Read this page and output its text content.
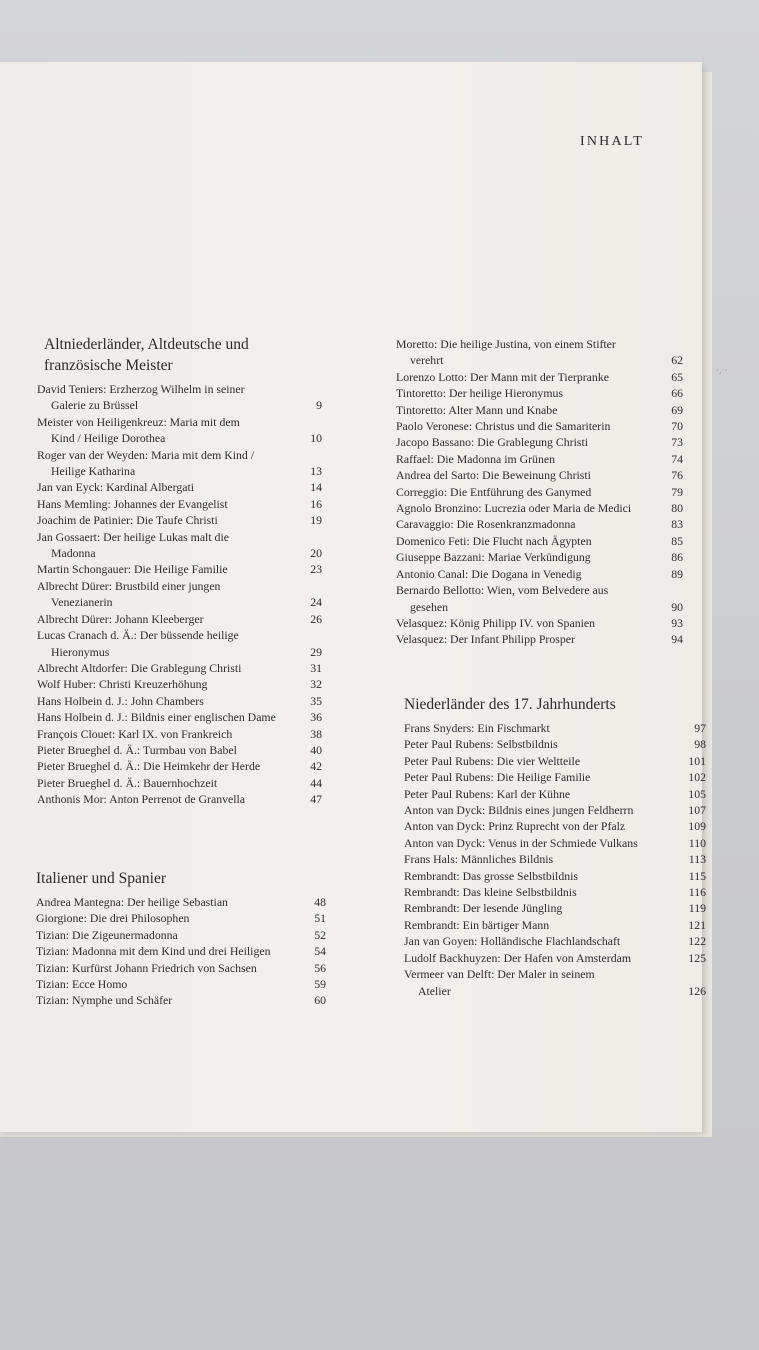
INHALT
Altniederländer, Altdeutsche und französische Meister
David Teniers: Erzherzog Wilhelm in seiner
Galerie zu Brüssel	9
Meister von Heiligenkreuz: Maria mit dem
Kind / Heilige Dorothea	10
Roger van der Weyden: Maria mit dem Kind /
Heilige Katharina	13
Jan van Eyck: Kardinal Albergati	14
Hans Memling: Johannes der Evangelist	16
Joachim de Patinier: Die Taufe Christi	19
Jan Gossaert: Der heilige Lukas malt die
Madonna	20
Martin Schongauer: Die Heilige Familie	23
Albrecht Dürer: Brustbild einer jungen
Venezianerin	24
Albrecht Dürer: Johann Kleeberger	26
Lucas Cranach d. Ä.: Der büssende heilige
Hieronymus	29
Albrecht Altdorfer: Die Grablegung Christi	31
Wolf Huber: Christi Kreuzerhöhung	32
Hans Holbein d. J.: John Chambers	35
Hans Holbein d. J.: Bildnis einer englischen Dame	36
François Clouet: Karl IX. von Frankreich	38
Pieter Brueghel d. Ä.: Turmbau von Babel	40
Pieter Brueghel d. Ä.: Die Heimkehr der Herde	42
Pieter Brueghel d. Ä.: Bauernhochzeit	44
Anthonis Mor: Anton Perrenot de Granvella	47
Italiener und Spanier
Andrea Mantegna: Der heilige Sebastian	48
Giorgione: Die drei Philosophen	51
Tizian: Die Zigeunermadonna	52
Tizian: Madonna mit dem Kind und drei Heiligen	54
Tizian: Kurfürst Johann Friedrich von Sachsen	56
Tizian: Ecce Homo	59
Tizian: Nymphe und Schäfer	60
Moretto: Die heilige Justina, von einem Stifter
verehrt	62
Lorenzo Lotto: Der Mann mit der Tierpranke	65
Tintoretto: Der heilige Hieronymus	66
Tintoretto: Alter Mann und Knabe	69
Paolo Veronese: Christus und die Samariterin	70
Jacopo Bassano: Die Grablegung Christi	73
Raffael: Die Madonna im Grünen	74
Andrea del Sarto: Die Beweinung Christi	76
Correggio: Die Entführung des Ganymed	79
Agnolo Bronzino: Lucrezia oder Maria de Medici	80
Caravaggio: Die Rosenkranzmadonna	83
Domenico Feti: Die Flucht nach Ägypten	85
Giuseppe Bazzani: Mariae Verkündigung	86
Antonio Canal: Die Dogana in Venedig	89
Bernardo Bellotto: Wien, vom Belvedere aus
gesehen	90
Velasquez: König Philipp IV. von Spanien	93
Velasquez: Der Infant Philipp Prosper	94
Niederländer des 17. Jahrhunderts
Frans Snyders: Ein Fischmarkt	97
Peter Paul Rubens: Selbstbildnis	98
Peter Paul Rubens: Die vier Weltteile	101
Peter Paul Rubens: Die Heilige Familie	102
Peter Paul Rubens: Karl der Kühne	105
Anton van Dyck: Bildnis eines jungen Feldherrn	107
Anton van Dyck: Prinz Ruprecht von der Pfalz	109
Anton van Dyck: Venus in der Schmiede Vulkans	110
Frans Hals: Männliches Bildnis	113
Rembrandt: Das grosse Selbstbildnis	115
Rembrandt: Das kleine Selbstbildnis	116
Rembrandt: Der lesende Jüngling	119
Rembrandt: Ein bärtiger Mann	121
Jan van Goyen: Holländische Flachlandschaft	122
Ludolf Backhuyzen: Der Hafen von Amsterdam	125
Vermeer van Delft: Der Maler in seinem
Atelier	126
·, ·
